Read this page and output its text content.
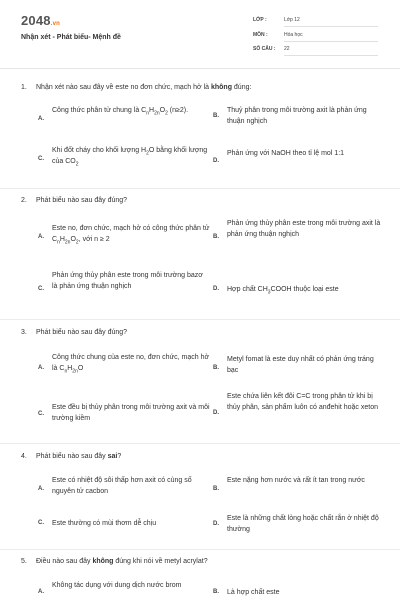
2048.vn
Nhận xét - Phát biểu- Mệnh đề
LỚP :	Lớp 12
MÔN :	Hóa học
SỐ CÂU : 22
1. Nhận xét nào sau đây về este no đơn chức, mạch hở là không đúng:
A.
Công thức phân tử chung là $C_nH_{2n}O_2$ (n≥2).
B.
Thuỷ phân trong môi trường axit là phản ứng thuận nghịch
C.
Khi đốt cháy cho khối lượng $H_2O$ bằng khối lượng của $CO_2$
D.
Phản ứng với NaOH theo tỉ lệ mol 1:1
2. Phát biểu nào sau đây đúng?
A.
Este no, đơn chức, mạch hở có công thức phân tử $C_nH_{2n}O_2$, với n ≥ 2	B.
Phản ứng thủy phân este trong môi trường axit là phản ứng thuận nghịch
C.
Phản ứng thủy phân este trong môi trường bazơ là phản ứng thuận nghịch	D. Hợp chất $CH_3COOH$ thuộc loại este
3. Phát biểu nào sau đây đúng?
A.
Công thức chung của este no, đơn chức, mạch hở là $C_nH_{2n}O$	B.
Metyl fomat là este duy nhất có phản ứng tráng bạc
C.
Este đều bị thủy phân trong môi trường axit và môi trường kiềm
D.
Este chứa liên kết đôi C=C trong phân tử khi bị thủy phân, sản phẩm luôn có anđehit hoặc xeton
4. Phát biểu nào sau đây sai?
A.
Este có nhiệt độ sôi thấp hơn axit có cùng số nguyên tử cacbon	B.
Este nặng hơn nước và rất ít tan trong nước
C. Este thường có mùi thơm dễ chịu	D.
Este là những chất lỏng hoặc chất rắn ở nhiệt độ thường
5. Điều nào sau đây không đúng khi nói về metyl acrylat?
A.
Không tác dụng với dung dịch nước brom
B. Là hợp chất este
